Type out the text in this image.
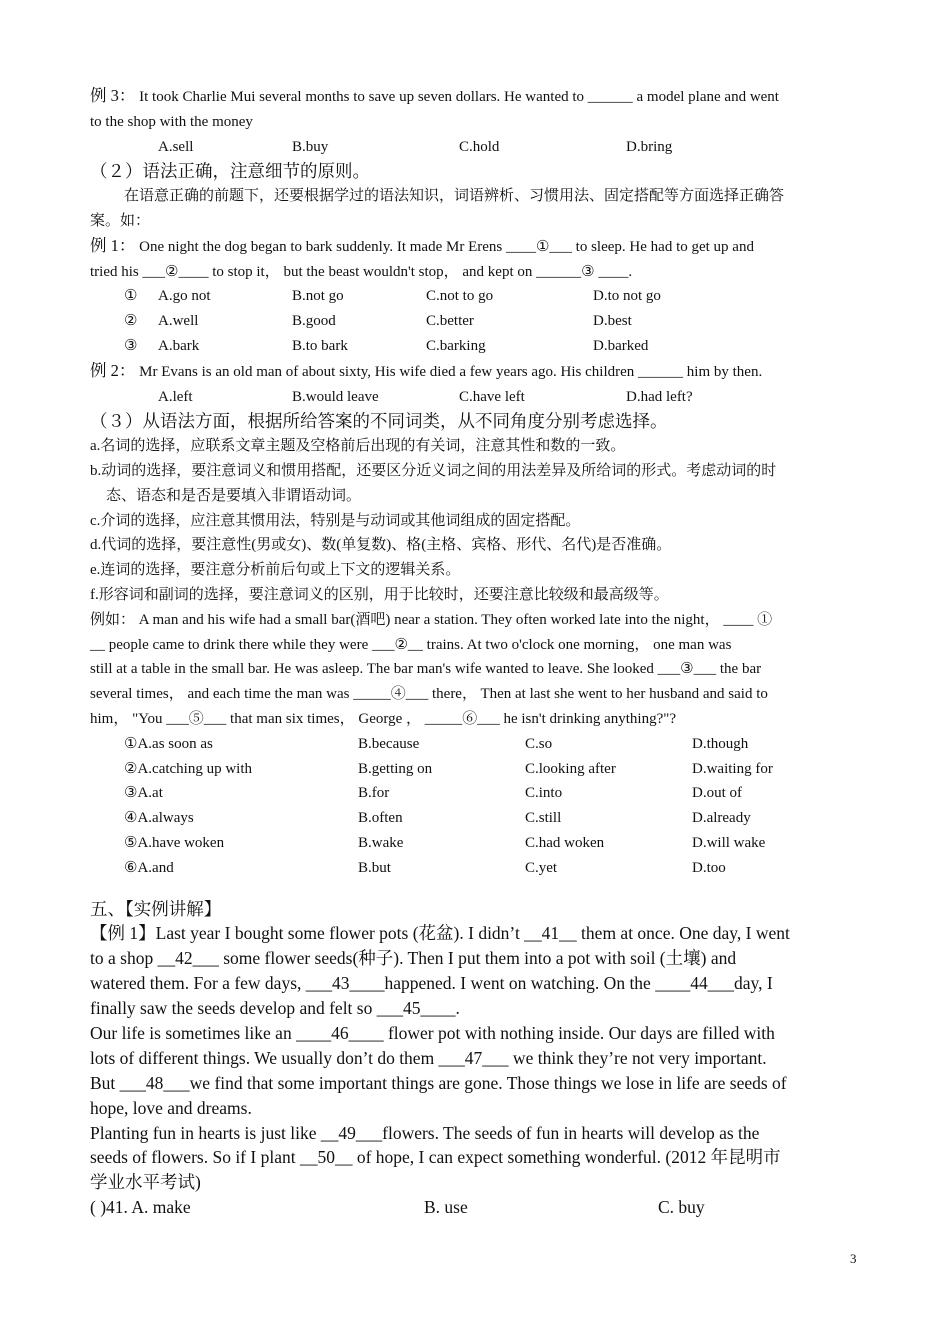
例 3： It took Charlie Mui several months to save up seven dollars. He wanted to ______ a model plane and went
to the shop with the money
A.sell	B.buy	C.hold	D.bring
（２）语法正确，注意细节的原则。
在语意正确的前题下，还要根据学过的语法知识，词语辨析、习惯用法、固定搭配等方面选择正确答
案。如：
例 1： One night the dog began to bark suddenly. It made Mr Erens ____①___ to sleep. He had to get up and
tried his ___②____ to stop it， but the beast wouldn't stop， and kept on ______③ ____.
①	A.go not	B.not go	C.not to go	D.to not go
②	A.well	B.good	C.better	D.best
③	A.bark	B.to bark	C.barking	D.barked
例 2： Mr Evans is an old man of about sixty, His wife died a few years ago. His children ______ him by then.
A.left	B.would leave	C.have left	D.had left?
（３）从语法方面，根据所给答案的不同词类，从不同角度分别考虑选择。
a.名词的选择，应联系文章主题及空格前后出现的有关词，注意其性和数的一致。
b.动词的选择，要注意词义和惯用搭配，还要区分近义词之间的用法差异及所给词的形式。考虑动词的时
态、语态和是否是要填入非谓语动词。
c.介词的选择，应注意其惯用法，特别是与动词或其他词组成的固定搭配。
d.代词的选择，要注意性(男或女)、数(单复数)、格(主格、宾格、形代、名代)是否准确。
e.连词的选择，要注意分析前后句或上下文的逻辑关系。
f.形容词和副词的选择，要注意词义的区别，用于比较时，还要注意比较级和最高级等。
例如： A man and his wife had a small bar(酒吧) near a station. They often worked late into the night， ____ ①
__ people came to drink there while they were ___②__ trains. At two o'clock one morning， one man was
still at a table in the small bar. He was asleep. The bar man's wife wanted to leave. She looked ___③___ the bar
several times， and each time the man was _____④___ there， Then at last she went to her husband and said to
him， "You ___⑤___ that man six times， George ， _____⑥___ he isn't drinking anything?"?
①A.as soon as	B.because	C.so	D.though
②A.catching up with	B.getting on	C.looking after	D.waiting for
③A.at	B.for	C.into	D.out of
④A.always	B.often	C.still	D.already
⑤A.have woken	B.wake	C.had woken	D.will wake
⑥A.and	B.but	C.yet	D.too
五、【实例讲解】
【例 1】Last year I bought some flower pots (花盆). I didn’t __41__ them at once. One day, I went
to a shop __42___ some flower seeds(种子). Then I put them into a pot with soil (土壤) and
watered them. For a few days, ___43____happened. I went on watching. On the ____44___day, I
finally saw the seeds develop and felt so ___45____.
Our life is sometimes like an ____46____ flower pot with nothing inside. Our days are filled with
lots of different things. We usually don’t do them ___47___ we think they’re not very important.
But ___48___we find that some important things are gone. Those things we lose in life are seeds of
hope, love and dreams.
Planting fun in hearts is just like __49___flowers. The seeds of fun in hearts will develop as the
seeds of flowers. So if I plant __50__ of hope, I can expect something wonderful. (2012 年昆明市
学业水平考试)
( )41. A. make	B. use	C. buy
3
